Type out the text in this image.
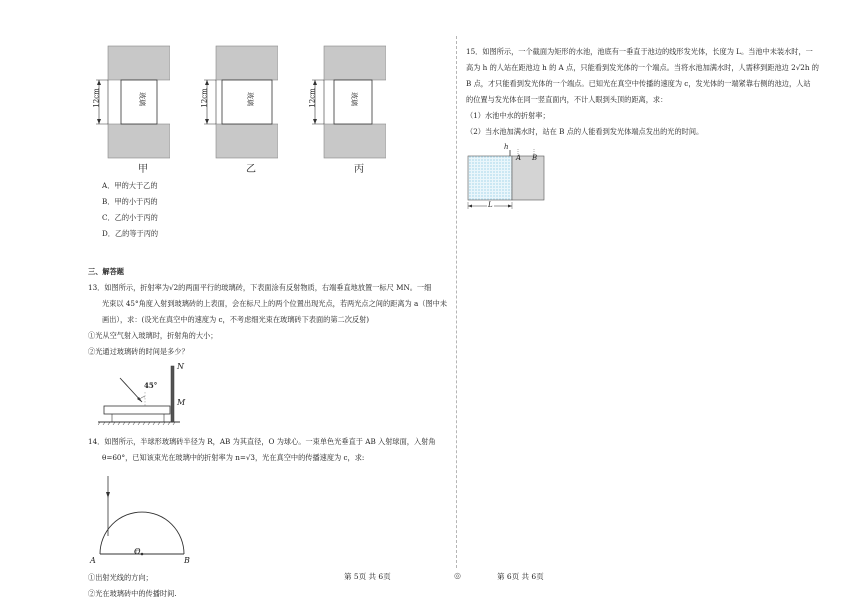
12cm	玻璃
甲
12cm	玻璃
乙
12cm	玻璃
丙

A．甲的大于乙的

B．甲的小于丙的

C．乙的小于丙的

D．乙的等于丙的

三、解答题

13．如图所示，折射率为√2的两面平行的玻璃砖，下表面涂有反射物质，右端垂直地放置一标尺 MN。一细

光束以 45°角度入射到玻璃砖的上表面，会在标尺上的两个位置出现光点，若两光点之间的距离为 a（图中未

画出），求：(设光在真空中的速度为 c，不考虑细光束在玻璃砖下表面的第二次反射)

①光从空气射入玻璃时，折射角的大小；

②光通过玻璃砖的时间是多少？

45°
N
M

14．如图所示，半球形玻璃砖半径为 R，AB 为其直径，O 为球心。一束单色光垂直于 AB 入射球面，入射角

θ=60°，已知该束光在玻璃中的折射率为 n=√3，光在真空中的传播速度为 c，求:

A
O
B

①出射光线的方向；

②光在玻璃砖中的传播时间.

15．如图所示，一个截面为矩形的水池，池底有一垂直于池边的线形发光体，长度为 L。当池中未装水时，一

高为 h 的人站在距池边 h 的 A 点，只能看到发光体的一个端点。当将水池加满水时，人需移到距池边 2√2h 的

B 点，才只能看到发光体的一个端点。已知光在真空中传播的速度为 c，发光体的一端紧靠右侧的池边，人站

的位置与发光体在同一竖直面内，不计人眼到头顶的距离，求：

（1）水池中水的折射率；

（2）当水池加满水时，站在 B 点的人能看到发光体端点发出的光的时间。

h
A B
L
第 5页 共 6页	◎	第 6页 共 6页
